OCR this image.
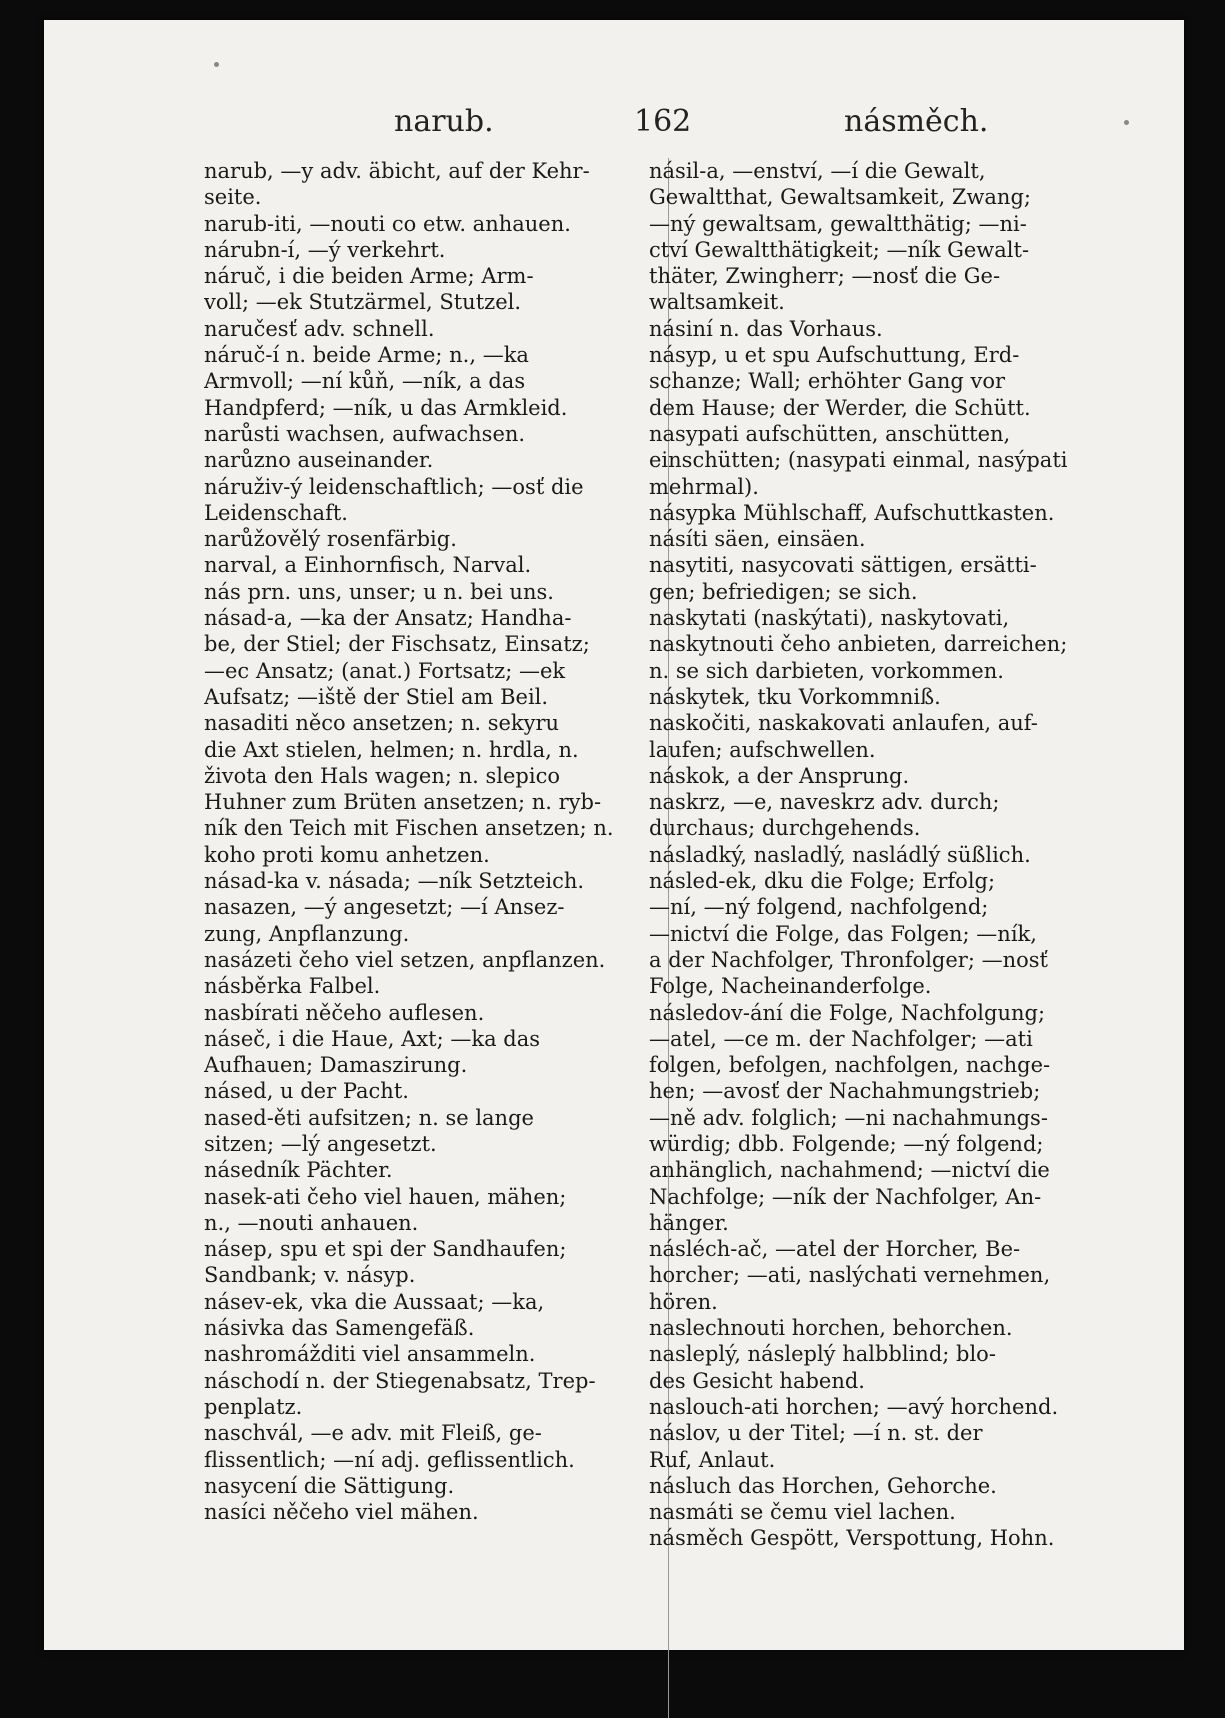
narub.	162	násměch.
narub, —y adv. äbicht, auf der Kehr-
seite.
narub-iti, —nouti co etw. anhauen.
nárubn-í, —ý verkehrt.
náruč, i die beiden Arme; Arm-
voll; —ek Stutzärmel, Stutzel.
naručesť adv. schnell.
náruč-í n. beide Arme; n., —ka
Armvoll; —ní kůň, —ník, a das
Handpferd; —ník, u das Armkleid.
narůsti wachsen, aufwachsen.
narůzno auseinander.
náruživ-ý leidenschaftlich; —osť die
Leidenschaft.
narůžovělý rosenfärbig.
narval, a Einhornfisch, Narval.
nás prn. uns, unser; u n. bei uns.
násad-a, —ka der Ansatz; Handha-
be, der Stiel; der Fischsatz, Einsatz;
—ec Ansatz; (anat.) Fortsatz; —ek
Aufsatz; —iště der Stiel am Beil.
nasaditi něco ansetzen; n. sekyru
die Axt stielen, helmen; n. hrdla, n.
života den Hals wagen; n. slepico
Huhner zum Brüten ansetzen; n. ryb-
ník den Teich mit Fischen ansetzen; n.
koho proti komu anhetzen.
násad-ka v. násada; —ník Setzteich.
nasazen, —ý angesetzt; —í Ansez-
zung, Anpflanzung.
nasázeti čeho viel setzen, anpflanzen.
násběrka Falbel.
nasbírati něčeho auflesen.
náseč, i die Haue, Axt; —ka das
Aufhauen; Damaszirung.
násed, u der Pacht.
nased-ěti aufsitzen; n. se lange
sitzen; —lý angesetzt.
násedník Pächter.
nasek-ati čeho viel hauen, mähen;
n., —nouti anhauen.
násep, spu et spi der Sandhaufen;
Sandbank; v. násyp.
násev-ek, vka die Aussaat; —ka,
násivka das Samengefäß.
nashromážditi viel ansammeln.
náschodí n. der Stiegenabsatz, Trep-
penplatz.
naschvál, —e adv. mit Fleiß, ge-
flissentlich; —ní adj. geflissentlich.
nasycení die Sättigung.
nasíci něčeho viel mähen.
násil-a, —enství, —í die Gewalt,
Gewaltthat, Gewaltsamkeit, Zwang;
—ný gewaltsam, gewaltthätig; —ni-
ctví Gewaltthätigkeit; —ník Gewalt-
thäter, Zwingherr; —nosť die Ge-
waltsamkeit.
násiní n. das Vorhaus.
násyp, u et spu Aufschuttung, Erd-
schanze; Wall; erhöhter Gang vor
dem Hause; der Werder, die Schütt.
nasypati aufschütten, anschütten,
einschütten; (nasypati einmal, nasýpati
mehrmal).
násypka Mühlschaff, Aufschuttkasten.
násíti säen, einsäen.
nasytiti, nasycovati sättigen, ersätti-
gen; befriedigen; se sich.
naskytati (naskýtati), naskytovati,
naskytnouti čeho anbieten, darreichen;
n. se sich darbieten, vorkommen.
náskytek, tku Vorkommniß.
naskočiti, naskakovati anlaufen, auf-
laufen; aufschwellen.
náskok, a der Ansprung.
naskrz, —e, naveskrz adv. durch;
durchaus; durchgehends.
násladký, nasladlý, nasládlý süßlich.
násled-ek, dku die Folge; Erfolg;
—ní, —ný folgend, nachfolgend;
—nictví die Folge, das Folgen; —ník,
a der Nachfolger, Thronfolger; —nosť
Folge, Nacheinanderfolge.
následov-ání die Folge, Nachfolgung;
—atel, —ce m. der Nachfolger; —ati
folgen, befolgen, nachfolgen, nachge-
hen; —avosť der Nachahmungstrieb;
—ně adv. folglich; —ni nachahmungs-
würdig; dbb. Folgende; —ný folgend;
anhänglich, nachahmend; —nictví die
Nachfolge; —ník der Nachfolger, An-
hänger.
násléch-ač, —atel der Horcher, Be-
horcher; —ati, naslýchati vernehmen,
hören.
naslechnouti horchen, behorchen.
nasleplý, násleplý halbblind; blo-
des Gesicht habend.
naslouch-ati horchen; —avý horchend.
náslov, u der Titel; —í n. st. der
Ruf, Anlaut.
násluch das Horchen, Gehorche.
nasmáti se čemu viel lachen.
násměch Gespött, Verspottung, Hohn.
